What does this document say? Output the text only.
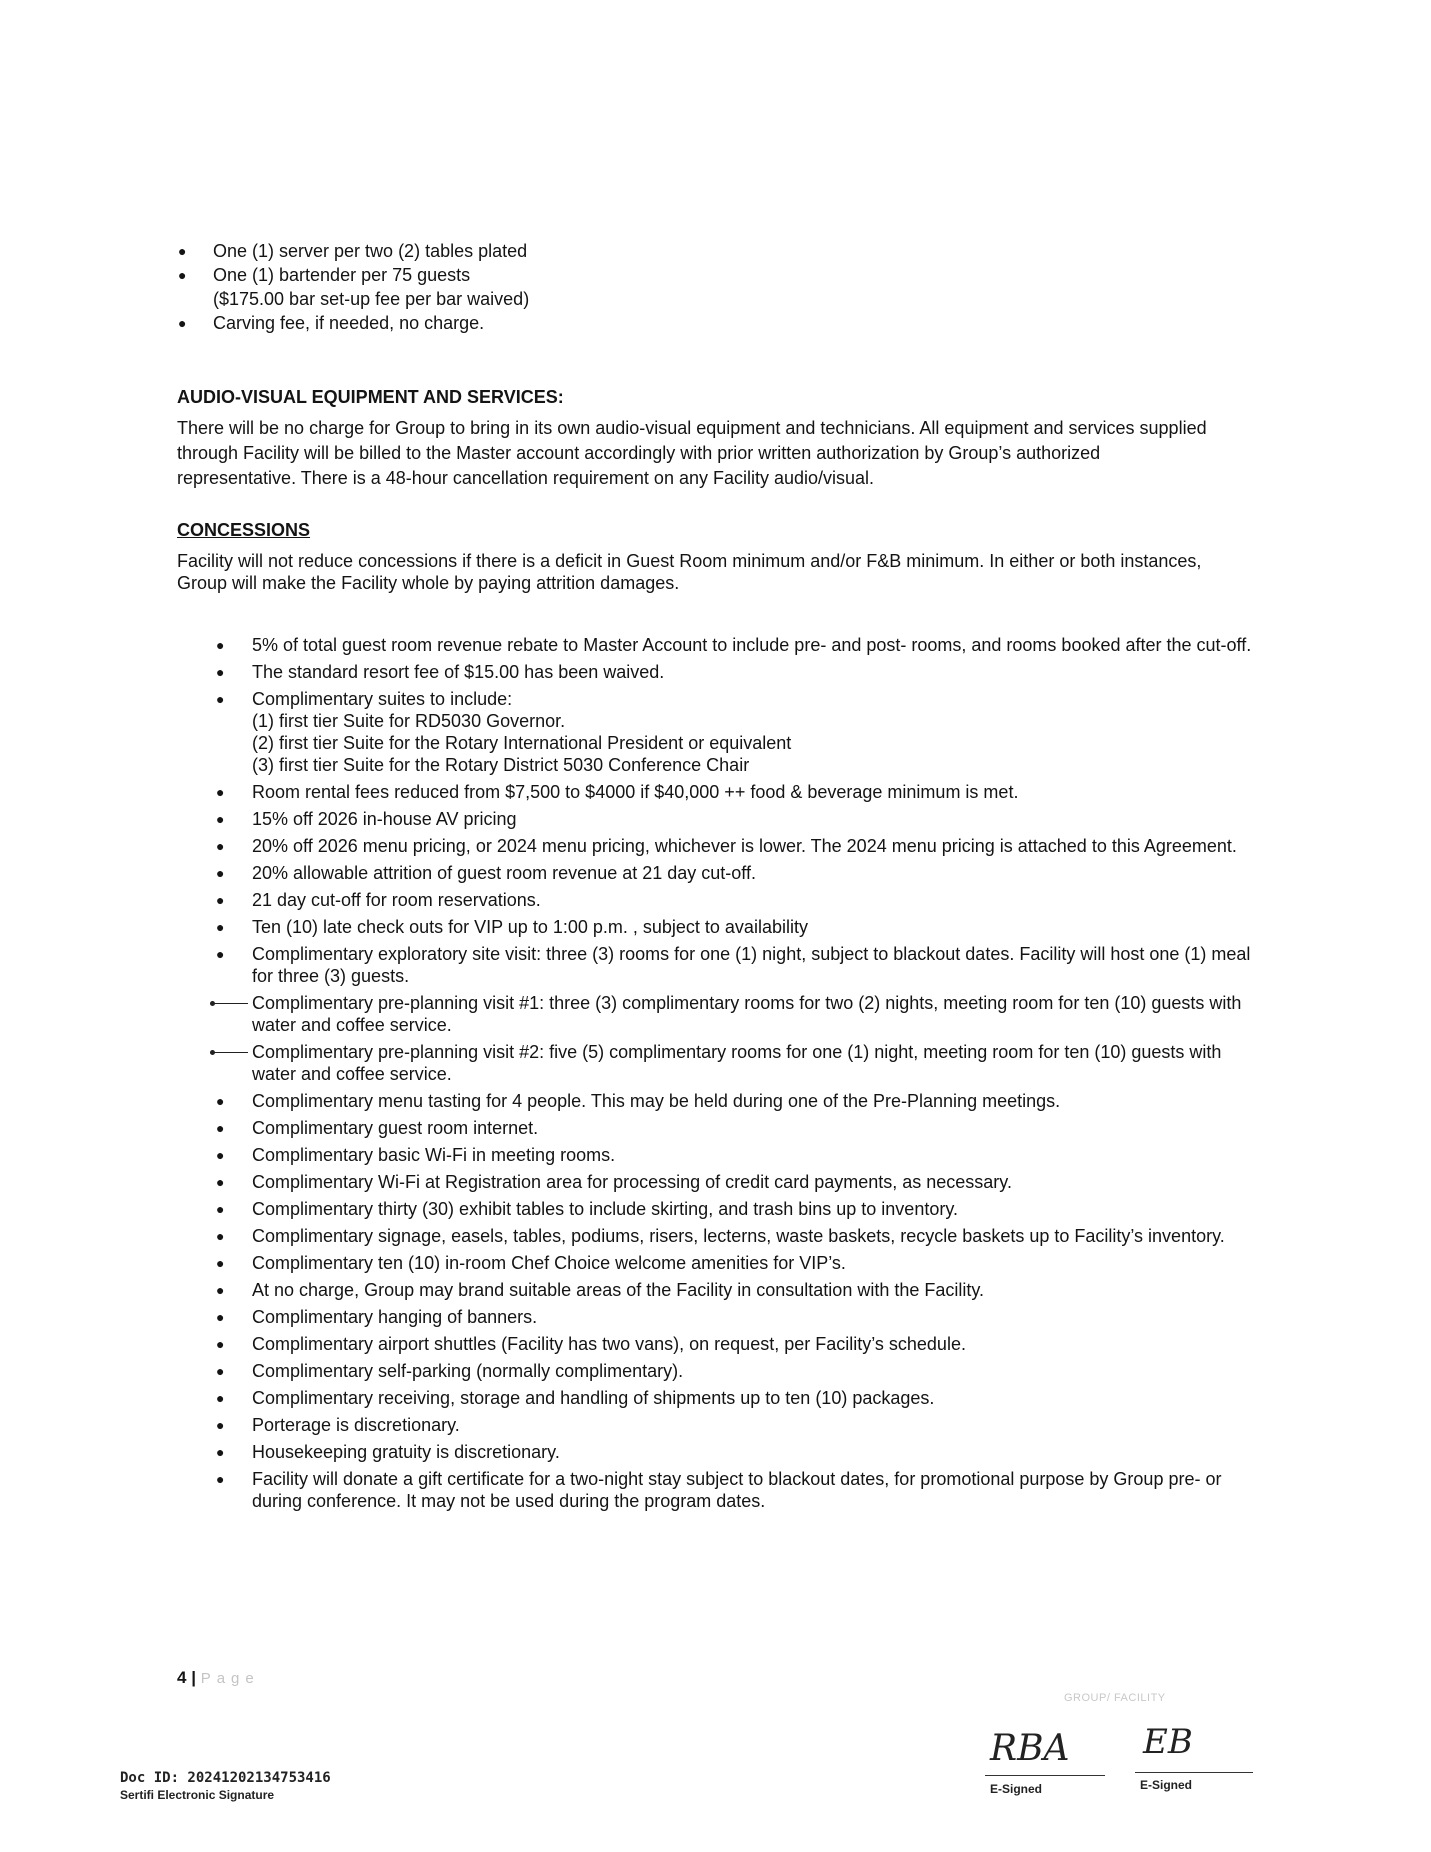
● One (1) server per two (2) tables plated
● One (1) bartender per 75 guests
($175.00 bar set-up fee per bar waived)
● Carving fee, if needed, no charge.
AUDIO-VISUAL EQUIPMENT AND SERVICES:
There will be no charge for Group to bring in its own audio-visual equipment and technicians. All equipment and services supplied through Facility will be billed to the Master account accordingly with prior written authorization by Group’s authorized representative. There is a 48-hour cancellation requirement on any Facility audio/visual.
CONCESSIONS
Facility will not reduce concessions if there is a deficit in Guest Room minimum and/or F&B minimum. In either or both instances, Group will make the Facility whole by paying attrition damages.
● 5% of total guest room revenue rebate to Master Account to include pre- and post- rooms, and rooms booked after the cut-off.
● The standard resort fee of $15.00 has been waived.
● Complimentary suites to include:
(1) first tier Suite for RD5030 Governor.
(2) first tier Suite for the Rotary International President or equivalent
(3) first tier Suite for the Rotary District 5030 Conference Chair
● Room rental fees reduced from $7,500 to $4000 if $40,000 ++ food & beverage minimum is met.
● 15% off 2026 in-house AV pricing
● 20% off 2026 menu pricing, or 2024 menu pricing, whichever is lower. The 2024 menu pricing is attached to this Agreement.
● 20% allowable attrition of guest room revenue at 21 day cut-off.
● 21 day cut-off for room reservations.
● Ten (10) late check outs for VIP up to 1:00 p.m. , subject to availability
● Complimentary exploratory site visit: three (3) rooms for one (1) night, subject to blackout dates. Facility will host one (1) meal for three (3) guests.
Complimentary pre-planning visit #1: three (3) complimentary rooms for two (2) nights, meeting room for ten (10) guests with water and coffee service.
Complimentary pre-planning visit #2: five (5) complimentary rooms for one (1) night, meeting room for ten (10) guests with water and coffee service.
● Complimentary menu tasting for 4 people. This may be held during one of the Pre-Planning meetings.
● Complimentary guest room internet.
● Complimentary basic Wi-Fi in meeting rooms.
● Complimentary Wi-Fi at Registration area for processing of credit card payments, as necessary.
● Complimentary thirty (30) exhibit tables to include skirting, and trash bins up to inventory.
● Complimentary signage, easels, tables, podiums, risers, lecterns, waste baskets, recycle baskets up to Facility’s inventory.
● Complimentary ten (10) in-room Chef Choice welcome amenities for VIP’s.
● At no charge, Group may brand suitable areas of the Facility in consultation with the Facility.
● Complimentary hanging of banners.
● Complimentary airport shuttles (Facility has two vans), on request, per Facility’s schedule.
● Complimentary self-parking (normally complimentary).
● Complimentary receiving, storage and handling of shipments up to ten (10) packages.
● Porterage is discretionary.
● Housekeeping gratuity is discretionary.
● Facility will donate a gift certificate for a two-night stay subject to blackout dates, for promotional purpose by Group pre- or during conference. It may not be used during the program dates.
4 | Page
GROUP/ FACILITY
Doc ID: 20241202134753416
Sertifi Electronic Signature
RBA
E-Signed
EB
E-Signed
